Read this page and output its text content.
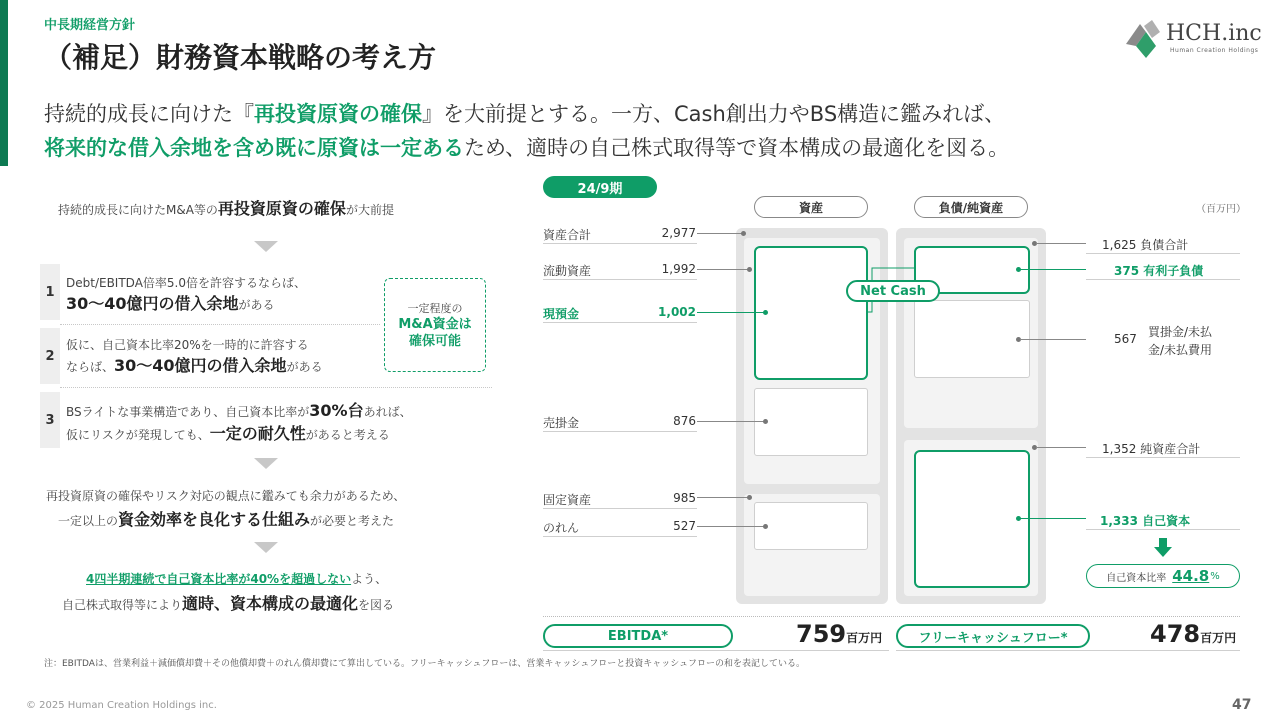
中長期経営方針
（補足）財務資本戦略の考え方
HCH.inc
Human Creation Holdings
持続的成長に向けた『再投資原資の確保』を大前提とする。一方、Cash創出力やBS構造に鑑みれば、
将来的な借入余地を含め既に原資は一定あるため、適時の自己株式取得等で資本構成の最適化を図る。
持続的成長に向けたM&A等の再投資原資の確保が大前提
1
Debt/EBITDA倍率5.0倍を許容するならば、
30〜40億円の借入余地がある
2
仮に、自己資本比率20%を一時的に許容する
ならば、30〜40億円の借入余地がある
3
BSライトな事業構造であり、自己資本比率が30%台あれば、
仮にリスクが発現しても、一定の耐久性があると考える
一定程度の
M&A資金は
確保可能
再投資原資の確保やリスク対応の観点に鑑みても余力があるため、
一定以上の資金効率を良化する仕組みが必要と考えた
4四半期連続で自己資本比率が40%を超過しないよう、
自己株式取得等により適時、資本構成の最適化を図る
24/9期
（百万円）
資産	負債/純資産
Net Cash
資産合計	2,977
流動資産	1,992
現預金	1,002
売掛金	876
固定資産	985
のれん	527
1,625 負債合計
375 有利子負債
567 買掛金/未払
金/未払費用
1,352 純資産合計
1,333 自己資本
自己資本比率 44.8 %
EBITDA*	759百万円	フリーキャッシュフロー*	478百万円
注：EBITDAは、営業利益＋減価償却費＋その他償却費＋のれん償却費にて算出している。フリーキャッシュフローは、営業キャッシュフローと投資キャッシュフローの和を表記している。
© 2025 Human Creation Holdings inc.	47
